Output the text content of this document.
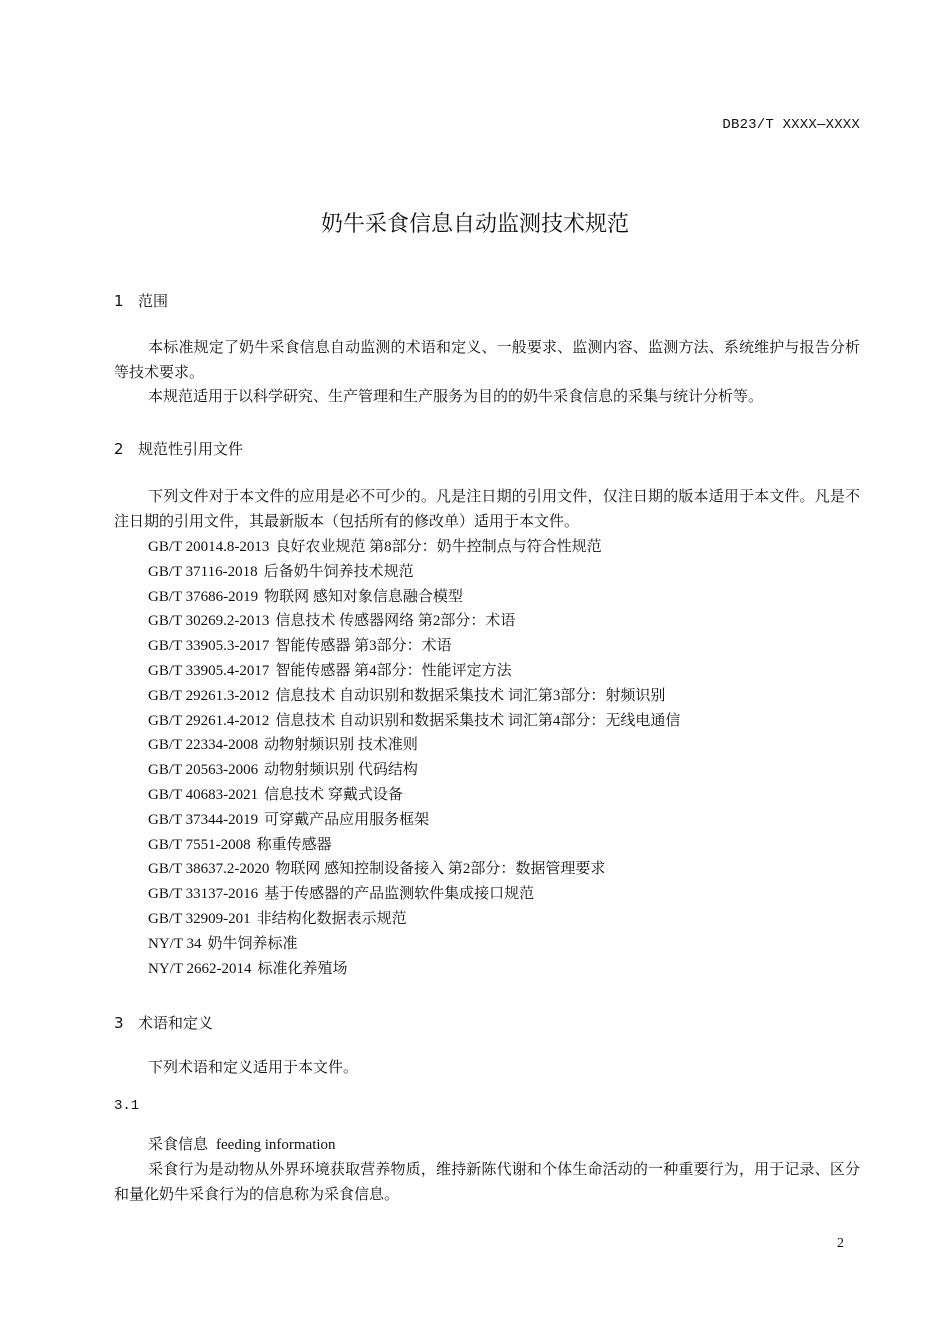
DB23/T XXXX—XXXX
奶牛采食信息自动监测技术规范
1 范围
本标准规定了奶牛采食信息自动监测的术语和定义、一般要求、监测内容、监测方法、系统维护与报告分析等技术要求。
本规范适用于以科学研究、生产管理和生产服务为目的的奶牛采食信息的采集与统计分析等。
2 规范性引用文件
下列文件对于本文件的应用是必不可少的。凡是注日期的引用文件，仅注日期的版本适用于本文件。凡是不注日期的引用文件，其最新版本（包括所有的修改单）适用于本文件。
GB/T 20014.8-2013 良好农业规范 第8部分：奶牛控制点与符合性规范
GB/T 37116-2018 后备奶牛饲养技术规范
GB/T 37686-2019 物联网 感知对象信息融合模型
GB/T 30269.2-2013 信息技术 传感器网络 第2部分：术语
GB/T 33905.3-2017 智能传感器 第3部分：术语
GB/T 33905.4-2017 智能传感器 第4部分：性能评定方法
GB/T 29261.3-2012 信息技术 自动识别和数据采集技术 词汇第3部分：射频识别
GB/T 29261.4-2012 信息技术 自动识别和数据采集技术 词汇第4部分：无线电通信
GB/T 22334-2008 动物射频识别 技术准则
GB/T 20563-2006 动物射频识别 代码结构
GB/T 40683-2021 信息技术 穿戴式设备
GB/T 37344-2019 可穿戴产品应用服务框架
GB/T 7551-2008 称重传感器
GB/T 38637.2-2020 物联网 感知控制设备接入 第2部分：数据管理要求
GB/T 33137-2016 基于传感器的产品监测软件集成接口规范
GB/T 32909-201 非结构化数据表示规范
NY/T 34 奶牛饲养标准
NY/T 2662-2014 标准化养殖场
3 术语和定义
下列术语和定义适用于本文件。
3.1
采食信息 feeding information
采食行为是动物从外界环境获取营养物质，维持新陈代谢和个体生命活动的一种重要行为，用于记录、区分和量化奶牛采食行为的信息称为采食信息。
2
